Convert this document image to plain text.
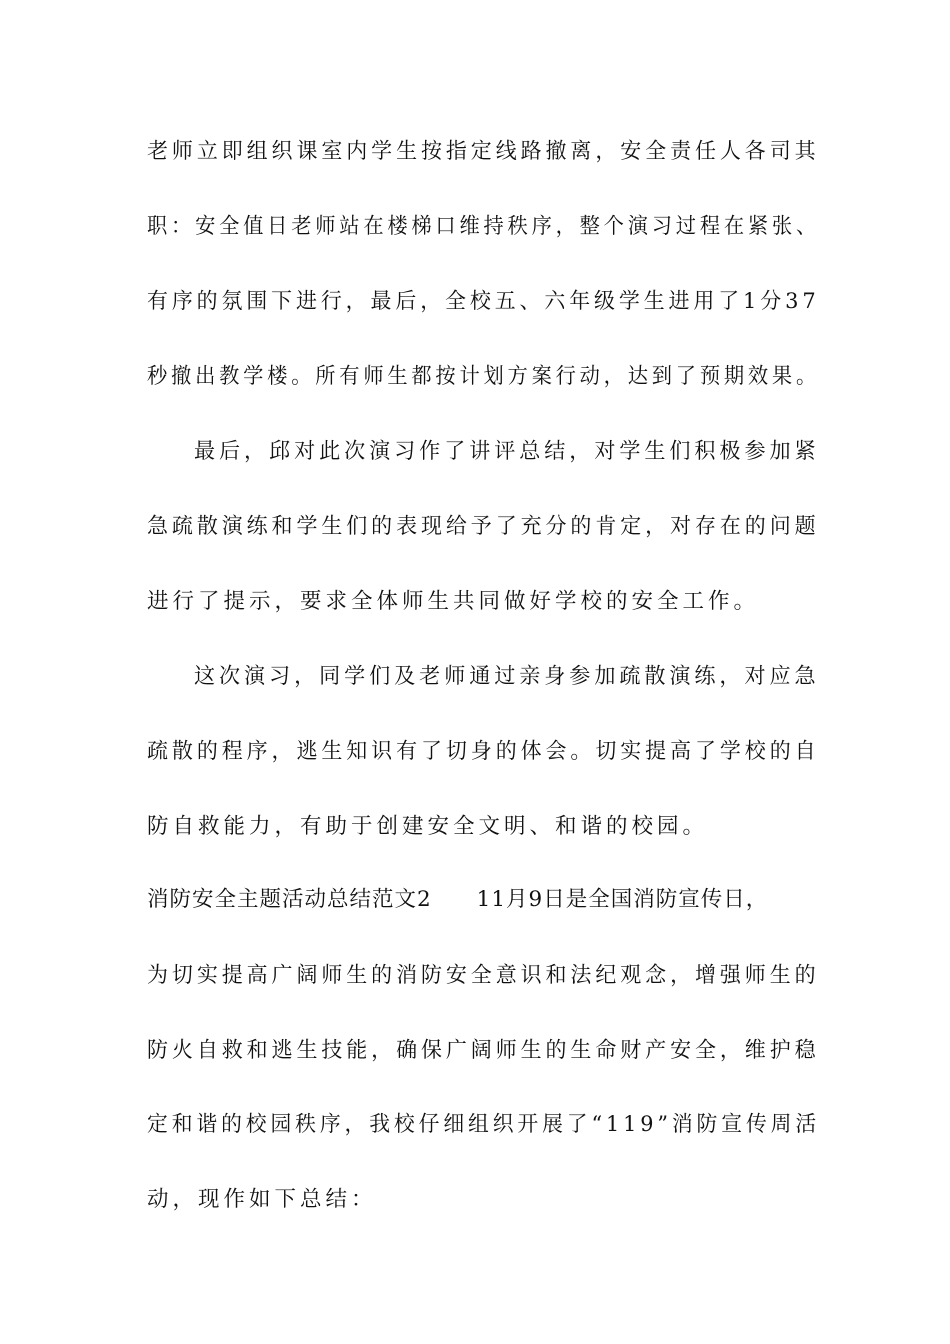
老师立即组织课室内学生按指定线路撤离，安全责任人各司其
职：安全值日老师站在楼梯口维持秩序，整个演习过程在紧张、
有序的氛围下进行，最后，全校五、六年级学生进用了1分37
秒撤出教学楼。所有师生都按计划方案行动，达到了预期效果。
最后，邱对此次演习作了讲评总结，对学生们积极参加紧
急疏散演练和学生们的表现给予了充分的肯定，对存在的问题
进行了提示，要求全体师生共同做好学校的安全工作。
这次演习，同学们及老师通过亲身参加疏散演练，对应急
疏散的程序，逃生知识有了切身的体会。切实提高了学校的自
防自救能力，有助于创建安全文明、和谐的校园。
消防安全主题活动总结范文2　　11月9日是全国消防宣传日，
为切实提高广阔师生的消防安全意识和法纪观念，增强师生的
防火自救和逃生技能，确保广阔师生的生命财产安全，维护稳
定和谐的校园秩序，我校仔细组织开展了“119”消防宣传周活
动，现作如下总结：
